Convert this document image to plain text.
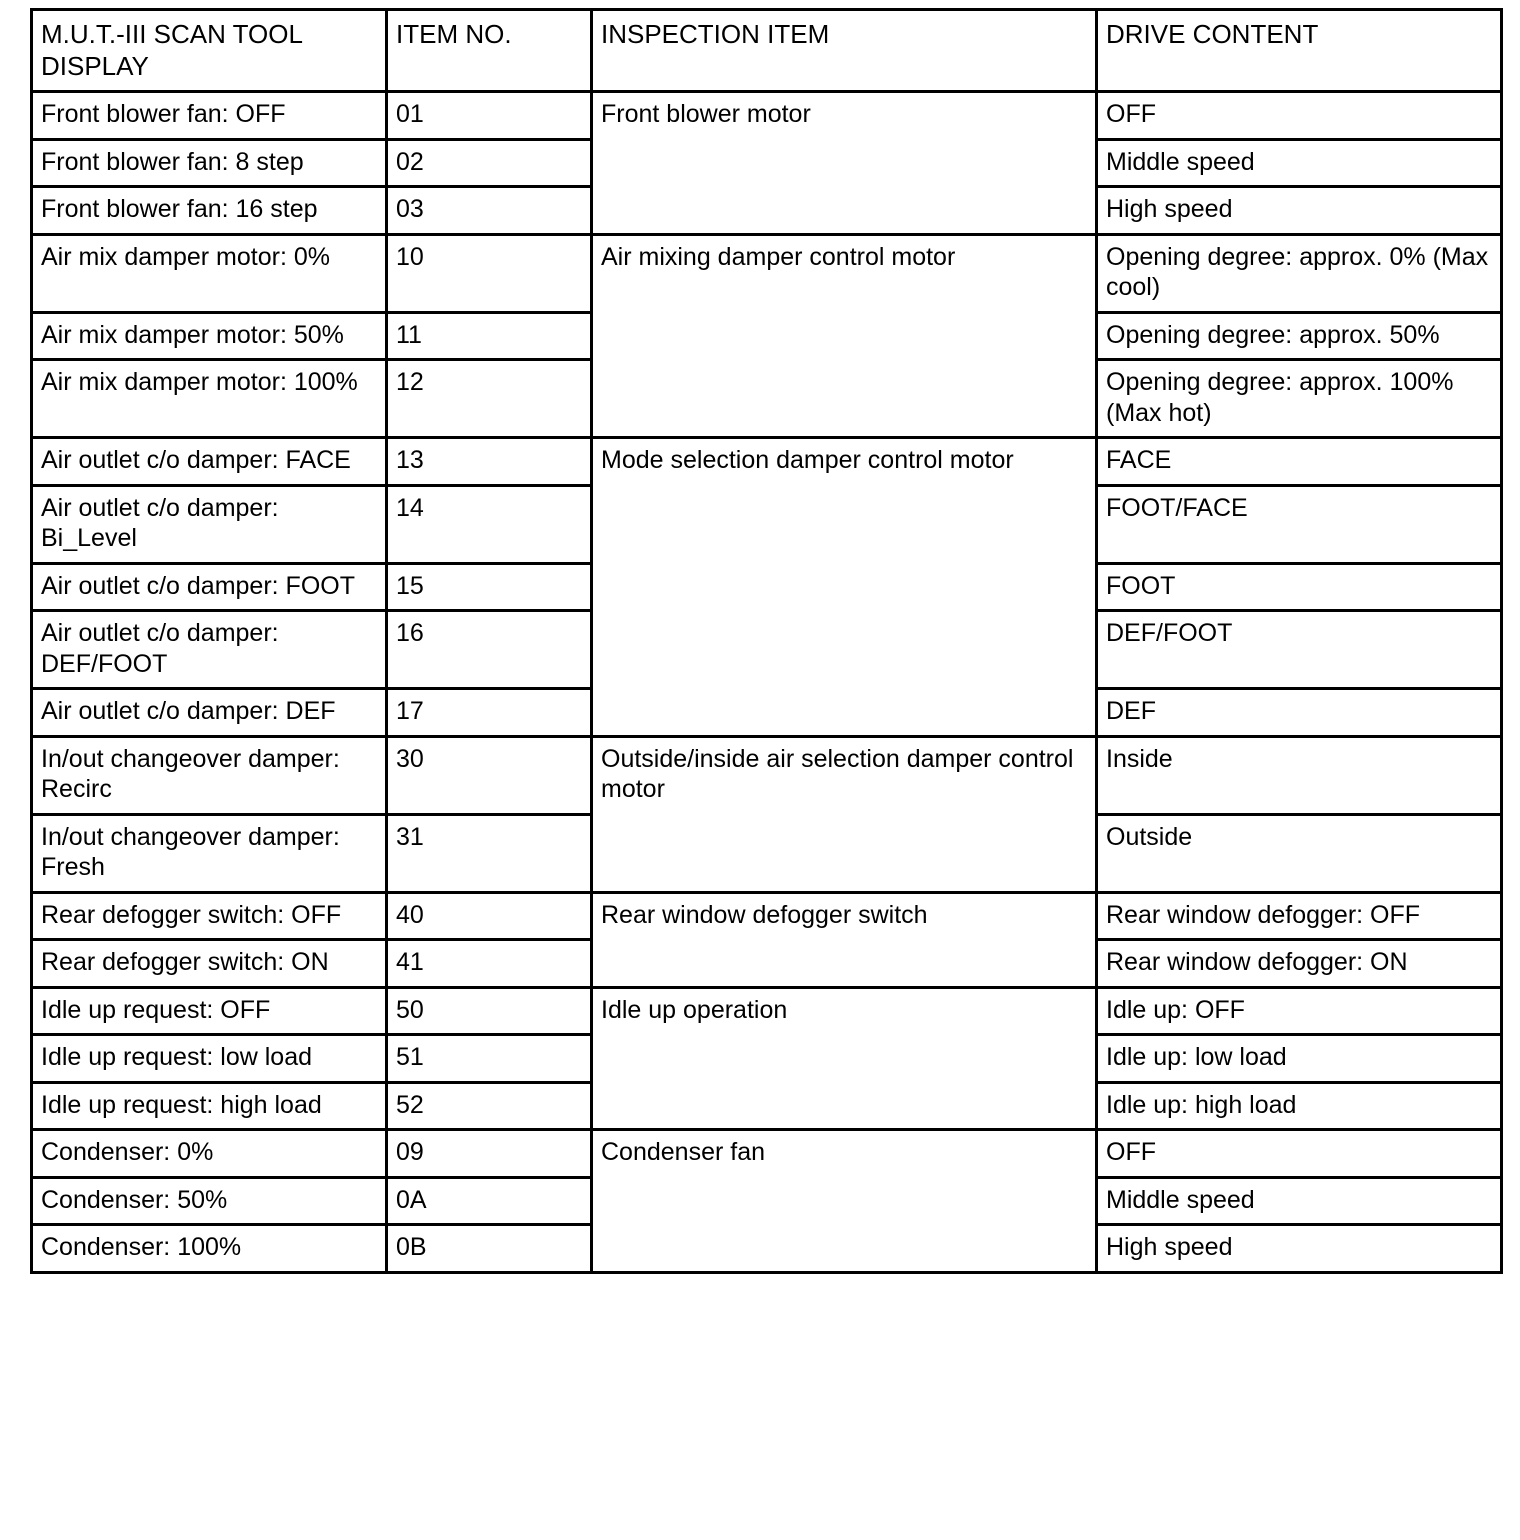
M.U.T.-III SCAN TOOL DISPLAY	ITEM NO.	INSPECTION ITEM	DRIVE CONTENT
Front blower fan: OFF	01	Front blower motor	OFF
Front blower fan: 8 step	02		Middle speed
Front blower fan: 16 step	03		High speed
Air mix damper motor: 0%	10	Air mixing damper control motor	Opening degree: approx. 0% (Max cool)
Air mix damper motor: 50%	11		Opening degree: approx. 50%
Air mix damper motor: 100%	12		Opening degree: approx. 100% (Max hot)
Air outlet c/o damper: FACE	13	Mode selection damper control motor	FACE
Air outlet c/o damper: Bi_Level	14		FOOT/FACE
Air outlet c/o damper: FOOT	15		FOOT
Air outlet c/o damper: DEF/FOOT	16		DEF/FOOT
Air outlet c/o damper: DEF	17		DEF
In/out changeover damper: Recirc	30	Outside/inside air selection damper control motor	Inside
In/out changeover damper: Fresh	31		Outside
Rear defogger switch: OFF	40	Rear window defogger switch	Rear window defogger: OFF
Rear defogger switch: ON	41		Rear window defogger: ON
Idle up request: OFF	50	Idle up operation	Idle up: OFF
Idle up request: low load	51		Idle up: low load
Idle up request: high load	52		Idle up: high load
Condenser: 0%	09	Condenser fan	OFF
Condenser: 50%	0A		Middle speed
Condenser: 100%	0B		High speed
